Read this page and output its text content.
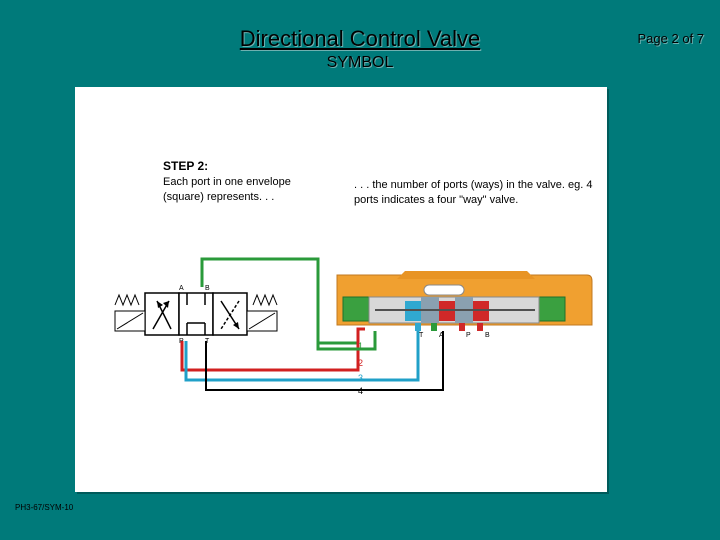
Directional Control Valve
SYMBOL
Page 2 of 7
STEP 2:
Each port in one envelope (square) represents. . .
. . . the number of ports (ways) in the valve. eg. 4 ports indicates a four "way" valve.
A	B
P	T
T A	P B
1
2
3
4
PH3-67/SYM-10
